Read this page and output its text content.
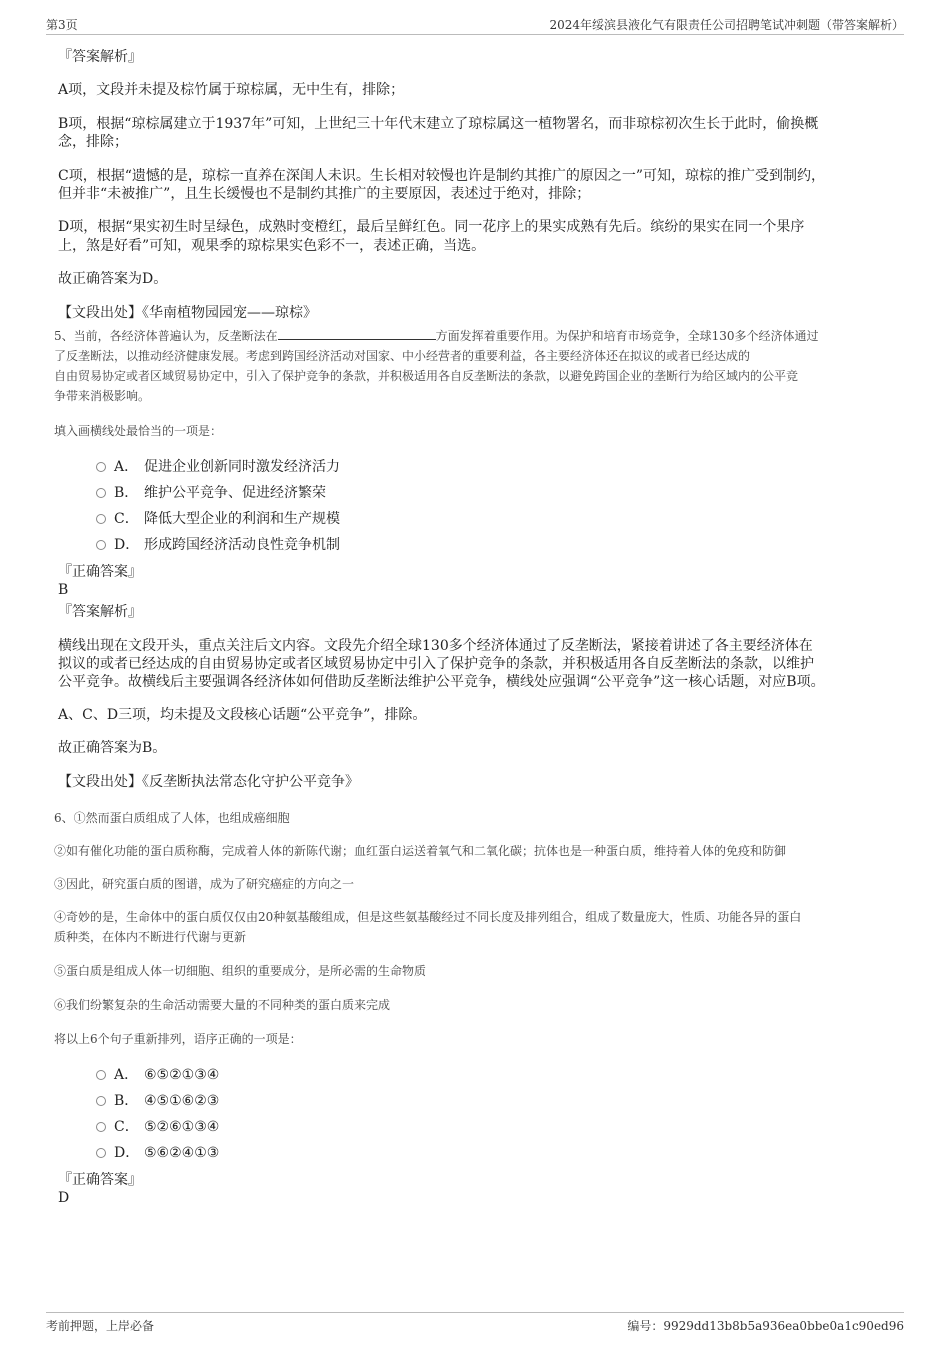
第3页	2024年绥滨县液化气有限责任公司招聘笔试冲刺题（带答案解析）
『答案解析』
A项，文段并未提及棕竹属于琼棕属，无中生有，排除；
B项，根据“琼棕属建立于1937年”可知，上世纪三十年代末建立了琼棕属这一植物署名，而非琼棕初次生长于此时，偷换概
念，排除；
C项，根据“遗憾的是，琼棕一直养在深闺人未识。生长相对较慢也许是制约其推广的原因之一”可知，琼棕的推广受到制约，
但并非“未被推广”，且生长缓慢也不是制约其推广的主要原因，表述过于绝对，排除；
D项，根据“果实初生时呈绿色，成熟时变橙红，最后呈鲜红色。同一花序上的果实成熟有先后。缤纷的果实在同一个果序
上，煞是好看”可知，观果季的琼棕果实色彩不一，表述正确，当选。
故正确答案为D。
【文段出处】《华南植物园园宠——琼棕》
5、当前，各经济体普遍认为，反垄断法在	方面发挥着重要作用。为保护和培育市场竞争，全球130多个经济体通过
了反垄断法，以推动经济健康发展。考虑到跨国经济活动对国家、中小经营者的重要利益，各主要经济体还在拟议的或者已经达成的
自由贸易协定或者区域贸易协定中，引入了保护竞争的条款，并积极适用各自反垄断法的条款，以避免跨国企业的垄断行为给区域内的公平竞
争带来消极影响。
填入画横线处最恰当的一项是：
A． 促进企业创新同时激发经济活力
B． 维护公平竞争、促进经济繁荣
C． 降低大型企业的利润和生产规模
D． 形成跨国经济活动良性竞争机制
『正确答案』
B
『答案解析』
横线出现在文段开头，重点关注后文内容。文段先介绍全球130多个经济体通过了反垄断法，紧接着讲述了各主要经济体在
拟议的或者已经达成的自由贸易协定或者区域贸易协定中引入了保护竞争的条款，并积极适用各自反垄断法的条款，以维护
公平竞争。故横线后主要强调各经济体如何借助反垄断法维护公平竞争，横线处应强调“公平竞争”这一核心话题，对应B项。
A、C、D三项，均未提及文段核心话题“公平竞争”，排除。
故正确答案为B。
【文段出处】《反垄断执法常态化守护公平竞争》
6、①然而蛋白质组成了人体，也组成癌细胞
②如有催化功能的蛋白质称酶，完成着人体的新陈代谢；血红蛋白运送着氧气和二氧化碳；抗体也是一种蛋白质，维持着人体的免疫和防御
③因此，研究蛋白质的图谱，成为了研究癌症的方向之一
④奇妙的是，生命体中的蛋白质仅仅由20种氨基酸组成，但是这些氨基酸经过不同长度及排列组合，组成了数量庞大，性质、功能各异的蛋白
质种类，在体内不断进行代谢与更新
⑤蛋白质是组成人体一切细胞、组织的重要成分，是所必需的生命物质
⑥我们纷繁复杂的生命活动需要大量的不同种类的蛋白质来完成
将以上6个句子重新排列，语序正确的一项是：
A． ⑥⑤②①③④
B． ④⑤①⑥②③
C． ⑤②⑥①③④
D． ⑤⑥②④①③
『正确答案』
D
考前押题，上岸必备	编号：9929dd13b8b5a936ea0bbe0a1c90ed96
